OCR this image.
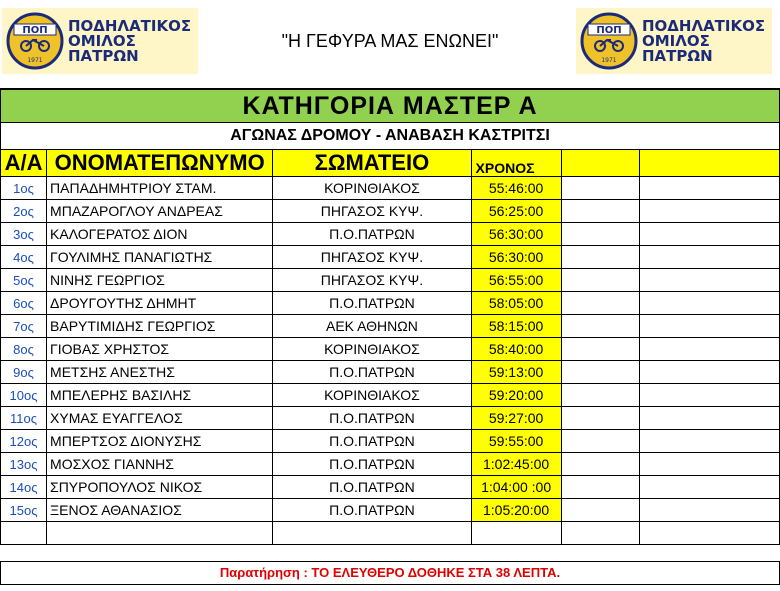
ΠΟΠ
1971
ΠΟΔΗΛΑΤΙΚΟΣ
ΟΜΙΛΟΣ
ΠΑΤΡΩΝ
"Η ΓΕΦΥΡΑ ΜΑΣ ΕΝΩΝΕΙ"
ΠΟΠ
1971
ΠΟΔΗΛΑΤΙΚΟΣ
ΟΜΙΛΟΣ
ΠΑΤΡΩΝ
ΚΑΤΗΓΟΡΙΑ ΜΑΣΤΕΡ Α					
ΑΓΩΝΑΣ ΔΡΟΜΟΥ - ΑΝΑΒΑΣΗ ΚΑΣΤΡΙΤΣΙ					
Α/Α	ΟΝΟΜΑΤΕΠΩΝΥΜΟ	ΣΩΜΑΤΕΙΟ	ΧΡΟΝΟΣ		
1ος	ΠΑΠΑΔΗΜΗΤΡΙΟΥ ΣΤΑΜ.	ΚΟΡΙΝΘΙΑΚΟΣ	55:46:00		
2ος	ΜΠΑΖΑΡΟΓΛΟΥ ΑΝΔΡΕΑΣ	ΠΗΓΑΣΟΣ ΚΥΨ.	56:25:00		
3ος	ΚΑΛΟΓΕΡΑΤΟΣ ΔΙΟΝ	Π.Ο.ΠΑΤΡΩΝ	56:30:00		
4ος	ΓΟΥΛΙΜΗΣ ΠΑΝΑΓΙΩΤΗΣ	ΠΗΓΑΣΟΣ ΚΥΨ.	56:30:00		
5ος	ΝΙΝΗΣ ΓΕΩΡΓΙΟΣ	ΠΗΓΑΣΟΣ ΚΥΨ.	56:55:00		
6ος	ΔΡΟΥΓΟΥΤΗΣ ΔΗΜΗΤ	Π.Ο.ΠΑΤΡΩΝ	58:05:00		
7ος	ΒΑΡΥΤΙΜΙΔΗΣ ΓΕΩΡΓΙΟΣ	ΑΕΚ ΑΘΗΝΩΝ	58:15:00		
8ος	ΓΙΟΒΑΣ ΧΡΗΣΤΟΣ	ΚΟΡΙΝΘΙΑΚΟΣ	58:40:00		
9ος	ΜΕΤΣΗΣ ΑΝΕΣΤΗΣ	Π.Ο.ΠΑΤΡΩΝ	59:13:00		
10ος	ΜΠΕΛΕΡΗΣ ΒΑΣΙΛΗΣ	ΚΟΡΙΝΘΙΑΚΟΣ	59:20:00		
11ος	ΧΥΜΑΣ ΕΥΑΓΓΕΛΟΣ	Π.Ο.ΠΑΤΡΩΝ	59:27:00		
12ος	ΜΠΕΡΤΣΟΣ ΔΙΟΝΥΣΗΣ	Π.Ο.ΠΑΤΡΩΝ	59:55:00		
13ος	ΜΟΣΧΟΣ ΓΙΑΝΝΗΣ	Π.Ο.ΠΑΤΡΩΝ	1:02:45:00		
14ος	ΣΠΥΡΟΠΟΥΛΟΣ ΝΙΚΟΣ	Π.Ο.ΠΑΤΡΩΝ	1:04:00 :00		
15ος	ΞΕΝΟΣ ΑΘΑΝΑΣΙΟΣ	Π.Ο.ΠΑΤΡΩΝ	1:05:20:00		

Παρατήρηση : ΤΟ ΕΛΕΥΘΕΡΟ ΔΟΘΗΚΕ ΣΤΑ 38 ΛΕΠΤΑ.
